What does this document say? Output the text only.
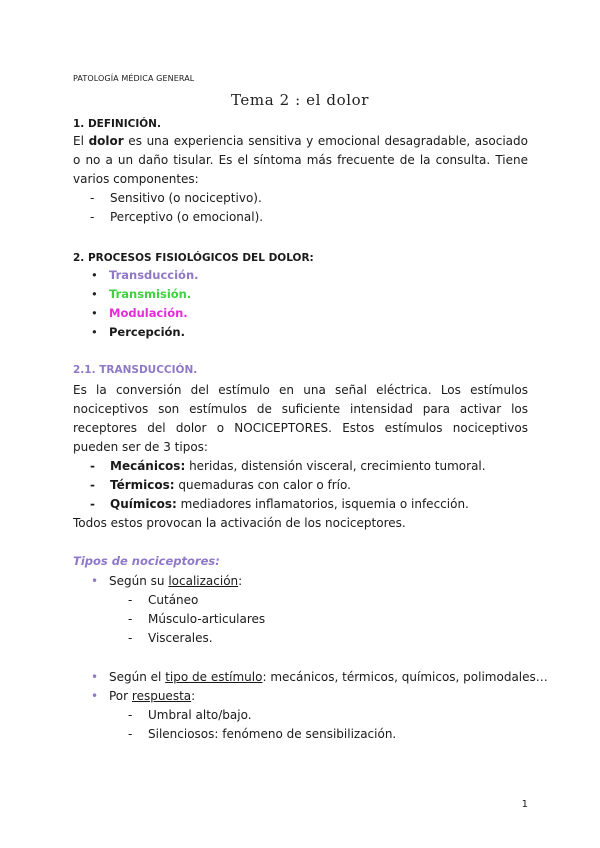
PATOLOGÍA MÉDICA GENERAL
Tema 2 : el dolor
1. DEFINICIÓN.
El dolor es una experiencia sensitiva y emocional desagradable, asociado o no a un daño tisular. Es el síntoma más frecuente de la consulta. Tiene varios componentes:
- Sensitivo (o nociceptivo).
- Perceptivo (o emocional).
2. PROCESOS FISIOLÓGICOS DEL DOLOR:
• Transducción.
• Transmisión.
• Modulación.
• Percepción.
2.1. TRANSDUCCIÓN.
Es la conversión del estímulo en una señal eléctrica. Los estímulos nociceptivos son estímulos de suficiente intensidad para activar los receptores del dolor o NOCICEPTORES. Estos estímulos nociceptivos pueden ser de 3 tipos:
- Mecánicos: heridas, distensión visceral, crecimiento tumoral.
- Térmicos: quemaduras con calor o frío.
- Químicos: mediadores inflamatorios, isquemia o infección.
Todos estos provocan la activación de los nociceptores.
Tipos de nociceptores:
• Según su localización:
- Cutáneo
- Músculo-articulares
- Viscerales.
• Según el tipo de estímulo: mecánicos, térmicos, químicos, polimodales…
• Por respuesta:
- Umbral alto/bajo.
- Silenciosos: fenómeno de sensibilización.
1
